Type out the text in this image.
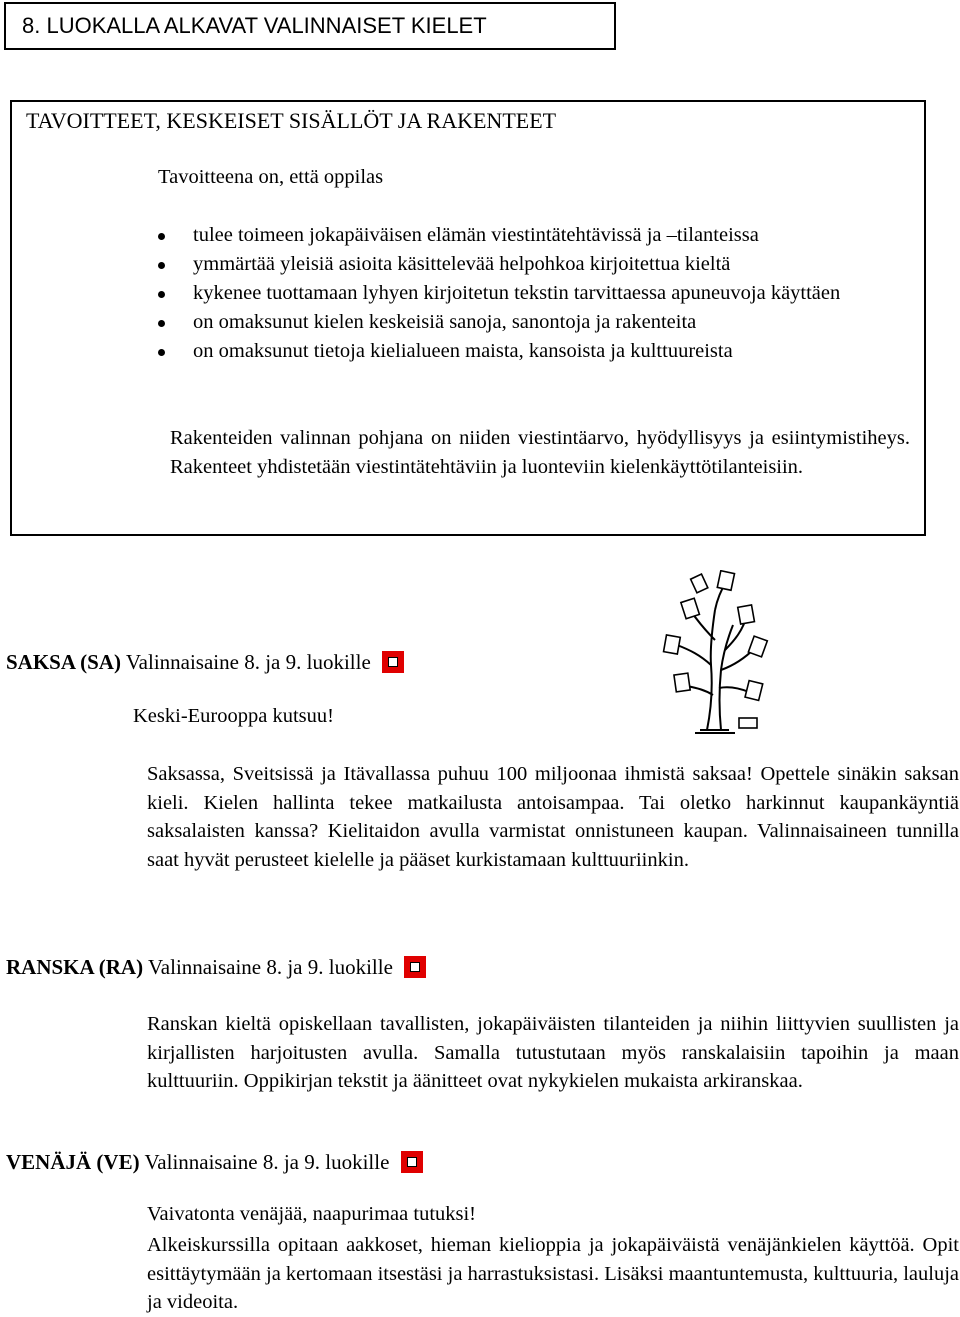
8. LUOKALLA ALKAVAT VALINNAISET KIELET
TAVOITTEET, KESKEISET SISÄLLÖT JA RAKENTEET
Tavoitteena on, että oppilas
tulee toimeen jokapäiväisen elämän viestintätehtävissä ja –tilanteissa
ymmärtää yleisiä asioita käsittelevää helpohkoa kirjoitettua kieltä
kykenee tuottamaan lyhyen kirjoitetun tekstin tarvittaessa apuneuvoja käyttäen
on omaksunut kielen keskeisiä sanoja, sanontoja ja rakenteita
on omaksunut tietoja kielialueen maista, kansoista ja kulttuureista
Rakenteiden valinnan pohjana on niiden viestintäarvo, hyödyllisyys ja esiintymistiheys. Rakenteet yhdistetään viestintätehtäviin ja luonteviin kielenkäyttötilanteisiin.
SAKSA (SA) Valinnaisaine 8. ja 9. luokille
Keski-Eurooppa kutsuu!
Saksassa, Sveitsissä ja Itävallassa puhuu 100 miljoonaa ihmistä saksaa! Opettele sinäkin saksan kieli. Kielen hallinta tekee matkailusta antoisampaa. Tai oletko harkinnut kaupankäyntiä saksalaisten kanssa? Kielitaidon avulla varmistat onnistuneen kaupan. Valinnaisaineen tunnilla saat hyvät perusteet kielelle ja pääset kurkistamaan kulttuuriinkin.
RANSKA (RA) Valinnaisaine 8. ja 9. luokille
Ranskan kieltä opiskellaan tavallisten, jokapäiväisten tilanteiden ja niihin liittyvien suullisten ja kirjallisten harjoitusten avulla. Samalla tutustutaan myös ranskalaisiin tapoihin ja maan kulttuuriin. Oppikirjan tekstit ja äänitteet ovat nykykielen mukaista arkiranskaa.
VENÄJÄ (VE) Valinnaisaine 8. ja 9. luokille
Vaivatonta venäjää, naapurimaa tutuksi!
Alkeiskurssilla opitaan aakkoset, hieman kielioppia ja jokapäiväistä venäjänkielen käyttöä. Opit esittäytymään ja kertomaan itsestäsi ja harrastuksistasi. Lisäksi maantuntemusta, kulttuuria, lauluja ja videoita.
